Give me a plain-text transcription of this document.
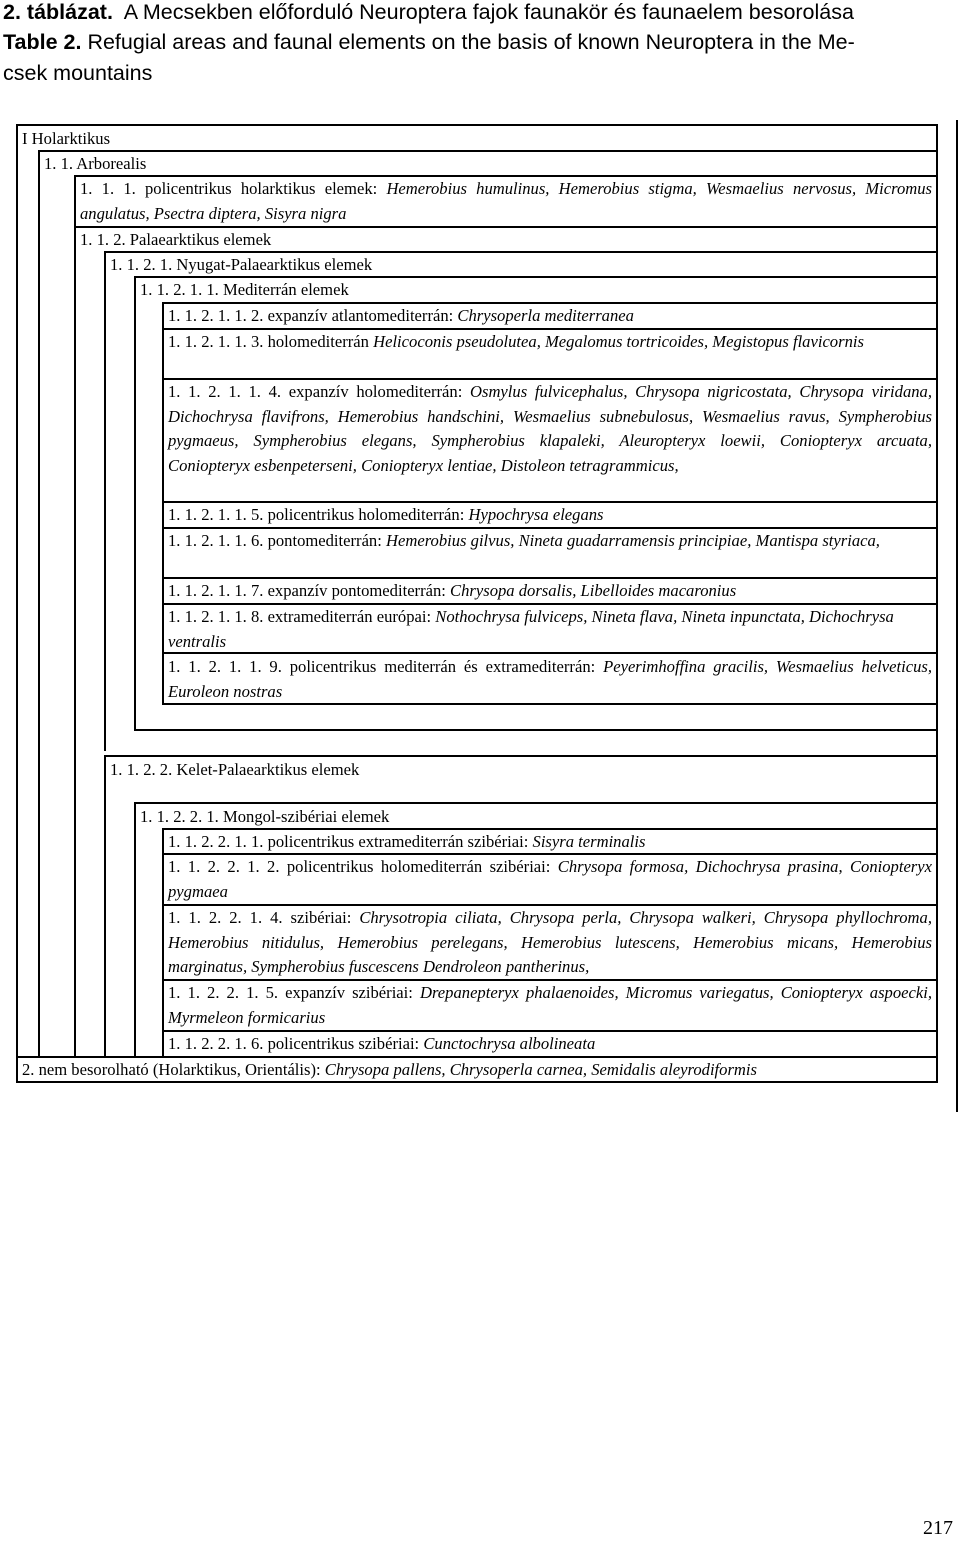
2. táblázat. A Mecsekben előforduló Neuroptera fajok faunakör és faunaelem besorolása
Table 2. Refugial areas and faunal elements on the basis of known Neuroptera in the Me-
csek mountains
I Holarktikus
1. 1. Arborealis
1. 1. 1. policentrikus holarktikus elemek: Hemerobius humulinus, Hemerobius stigma, Wesmaelius nervosus, Micromus angulatus, Psectra diptera, Sisyra nigra
1. 1. 2. Palaearktikus elemek
1. 1. 2. 1. Nyugat-Palaearktikus elemek
1. 1. 2. 1. 1. Mediterrán elemek
1. 1. 2. 1. 1. 2. expanzív atlantomediterrán: Chrysoperla mediterranea
1. 1. 2. 1. 1. 3. holomediterrán Helicoconis pseudolutea, Megalomus tortricoides, Megistopus flavicornis
1. 1. 2. 1. 1. 4. expanzív holomediterrán: Osmylus fulvicephalus, Chrysopa nigricostata, Chrysopa viridana, Dichochrysa flavifrons, Hemerobius handschini, Wesmaelius subnebulosus, Wesmaelius ravus, Sympherobius pygmaeus, Sympherobius elegans, Sympherobius klapaleki, Aleuropteryx loewii, Coniopteryx arcuata, Coniopteryx esbenpeterseni, Coniopteryx lentiae, Distoleon tetragrammicus,
1. 1. 2. 1. 1. 5. policentrikus holomediterrán: Hypochrysa elegans
1. 1. 2. 1. 1. 6. pontomediterrán: Hemerobius gilvus, Nineta guadarramensis principiae, Mantispa styriaca,
1. 1. 2. 1. 1. 7. expanzív pontomediterrán: Chrysopa dorsalis, Libelloides macaronius
1. 1. 2. 1. 1. 8. extramediterrán európai: Nothochrysa fulviceps, Nineta flava, Nineta inpunctata, Dichochrysa ventralis
1. 1. 2. 1. 1. 9. policentrikus mediterrán és extramediterrán: Peyerimhoffina gracilis, Wesmaelius helveticus, Euroleon nostras
1. 1. 2. 2. Kelet-Palaearktikus elemek
1. 1. 2. 2. 1. Mongol-szibériai elemek
1. 1. 2. 2. 1. 1. policentrikus extramediterrán szibériai: Sisyra terminalis
1. 1. 2. 2. 1. 2. policentrikus holomediterrán szibériai: Chrysopa formosa, Dichochrysa prasina, Coniopteryx pygmaea
1. 1. 2. 2. 1. 4. szibériai: Chrysotropia ciliata, Chrysopa perla, Chrysopa walkeri, Chrysopa phyllochroma, Hemerobius nitidulus, Hemerobius perelegans, Hemerobius lutescens, Hemerobius micans, Hemerobius marginatus, Sympherobius fuscescens Dendroleon pantherinus,
1. 1. 2. 2. 1. 5. expanzív szibériai: Drepanepteryx phalaenoides, Micromus variegatus, Coniopteryx aspoecki, Myrmeleon formicarius
1. 1. 2. 2. 1. 6. policentrikus szibériai: Cunctochrysa albolineata
2. nem besorolható (Holarktikus, Orientális): Chrysopa pallens, Chrysoperla carnea, Semidalis aleyrodiformis
217
